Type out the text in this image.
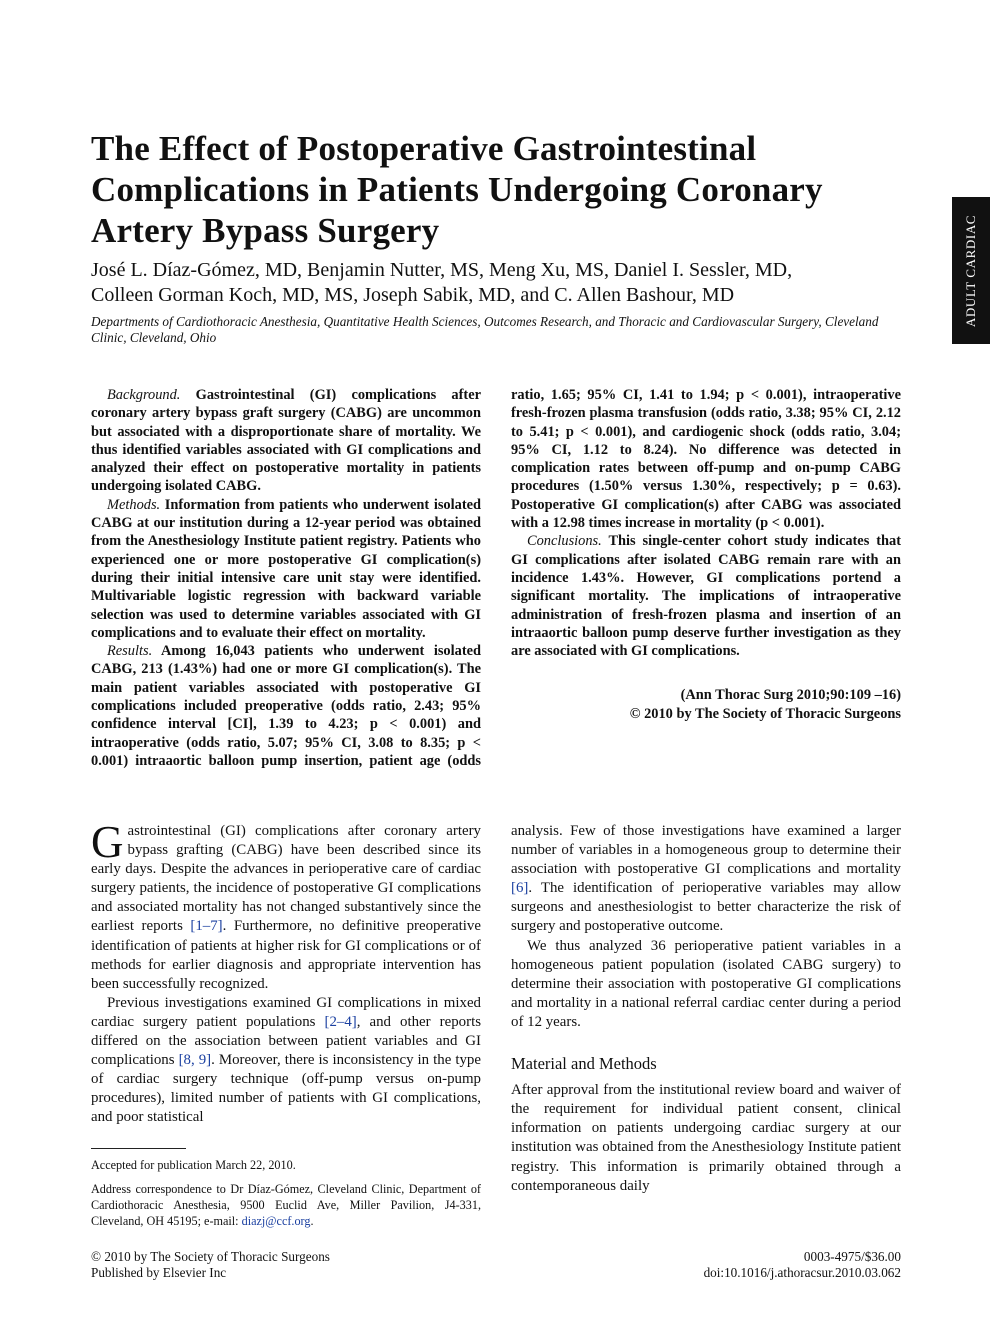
ADULT CARDIAC
The Effect of Postoperative Gastrointestinal Complications in Patients Undergoing Coronary Artery Bypass Surgery
José L. Díaz-Gómez, MD, Benjamin Nutter, MS, Meng Xu, MS, Daniel I. Sessler, MD,
Colleen Gorman Koch, MD, MS, Joseph Sabik, MD, and C. Allen Bashour, MD
Departments of Cardiothoracic Anesthesia, Quantitative Health Sciences, Outcomes Research, and Thoracic and Cardiovascular Surgery, Cleveland Clinic, Cleveland, Ohio

Background. Gastrointestinal (GI) complications after coronary artery bypass graft surgery (CABG) are uncommon but associated with a disproportionate share of mortality. We thus identified variables associated with GI complications and analyzed their effect on postoperative mortality in patients undergoing isolated CABG.

Methods. Information from patients who underwent isolated CABG at our institution during a 12-year period was obtained from the Anesthesiology Institute patient registry. Patients who experienced one or more postoperative GI complication(s) during their initial intensive care unit stay were identified. Multivariable logistic regression with backward variable selection was used to determine variables associated with GI complications and to evaluate their effect on mortality.

Results. Among 16,043 patients who underwent isolated CABG, 213 (1.43%) had one or more GI complication(s). The main patient variables associated with postoperative GI complications included preoperative (odds ratio, 2.43; 95% confidence interval [CI], 1.39 to 4.23; p < 0.001) and intraoperative (odds ratio, 5.07; 95% CI, 3.08 to 8.35; p < 0.001) intraaortic balloon pump insertion, patient age (odds ratio, 1.65; 95% CI, 1.41 to 1.94; p < 0.001), intraoperative fresh-frozen plasma transfusion (odds ratio, 3.38; 95% CI, 2.12 to 5.41; p < 0.001), and cardiogenic shock (odds ratio, 3.04; 95% CI, 1.12 to 8.24). No difference was detected in complication rates between off-pump and on-pump CABG procedures (1.50% versus 1.30%, respectively; p = 0.63). Postoperative GI complication(s) after CABG was associated with a 12.98 times increase in mortality (p < 0.001).

Conclusions. This single-center cohort study indicates that GI complications after isolated CABG remain rare with an incidence 1.43%. However, GI complications portend a significant mortality. The implications of intraoperative administration of fresh-frozen plasma and insertion of an intraaortic balloon pump deserve further investigation as they are associated with GI complications.

(Ann Thorac Surg 2010;90:109 –16)
© 2010 by The Society of Thoracic Surgeons

Gastrointestinal (GI) complications after coronary artery bypass grafting (CABG) have been described since its early days. Despite the advances in perioperative care of cardiac surgery patients, the incidence of postoperative GI complications and associated mortality has not changed substantively since the earliest reports [1–7]. Furthermore, no definitive preoperative identification of patients at higher risk for GI complications or of methods for earlier diagnosis and appropriate intervention has been successfully recognized.

Previous investigations examined GI complications in mixed cardiac surgery patient populations [2–4], and other reports differed on the association between patient variables and GI complications [8, 9]. Moreover, there is inconsistency in the type of cardiac surgery technique (off-pump versus on-pump procedures), limited number of patients with GI complications, and poor statistical

analysis. Few of those investigations have examined a larger number of variables in a homogeneous group to determine their association with postoperative GI complications and mortality [6]. The identification of perioperative variables may allow surgeons and anesthesiologist to better characterize the risk of surgery and postoperative outcome.

We thus analyzed 36 perioperative patient variables in a homogeneous patient population (isolated CABG surgery) to determine their association with postoperative GI complications and mortality in a national referral cardiac center during a period of 12 years.

Material and Methods

After approval from the institutional review board and waiver of the requirement for individual patient consent, clinical information on patients undergoing cardiac surgery at our institution was obtained from the Anesthesiology Institute patient registry. This information is primarily obtained through a contemporaneous daily

Accepted for publication March 22, 2010.

Address correspondence to Dr Díaz-Gómez, Cleveland Clinic, Department of Cardiothoracic Anesthesia, 9500 Euclid Ave, Miller Pavilion, J4-331, Cleveland, OH 45195; e-mail: diazj@ccf.org.

© 2010 by The Society of Thoracic Surgeons
Published by Elsevier Inc
0003-4975/$36.00
doi:10.1016/j.athoracsur.2010.03.062
